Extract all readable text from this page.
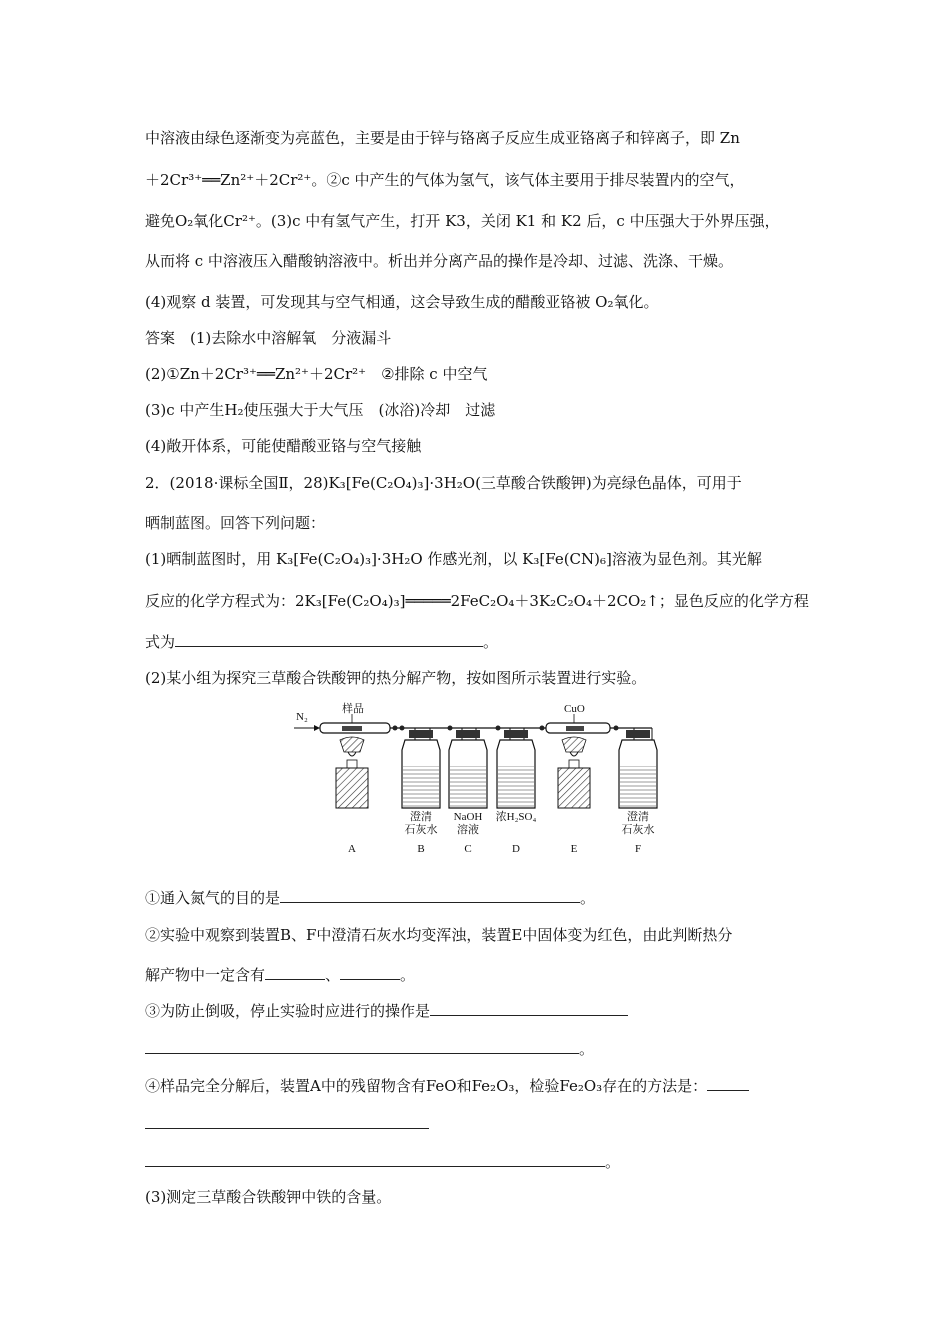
中溶液由绿色逐渐变为亮蓝色，主要是由于锌与铬离子反应生成亚铬离子和锌离子，即 Zn
＋2Cr³⁺══Zn²⁺＋2Cr²⁺。②c 中产生的气体为氢气，该气体主要用于排尽装置内的空气，
避免O₂氧化Cr²⁺。(3)c 中有氢气产生，打开 K3，关闭 K1 和 K2 后，c 中压强大于外界压强，
从而将 c 中溶液压入醋酸钠溶液中。析出并分离产品的操作是冷却、过滤、洗涤、干燥。
(4)观察 d 装置，可发现其与空气相通，这会导致生成的醋酸亚铬被 O₂氧化。
答案　(1)去除水中溶解氧　分液漏斗
(2)①Zn＋2Cr³⁺══Zn²⁺＋2Cr²⁺　②排除 c 中空气
(3)c 中产生H₂使压强大于大气压　(冰浴)冷却　过滤
(4)敞开体系，可能使醋酸亚铬与空气接触
2．(2018·课标全国Ⅱ，28)K₃[Fe(C₂O₄)₃]·3H₂O(三草酸合铁酸钾)为亮绿色晶体，可用于
晒制蓝图。回答下列问题：
(1)晒制蓝图时，用 K₃[Fe(C₂O₄)₃]·3H₂O 作感光剂，以 K₃[Fe(CN)₆]溶液为显色剂。其光解
反应的化学方程式为：2K₃[Fe(C₂O₄)₃]═════2FeC₂O₄＋3K₂C₂O₄＋2CO₂↑；显色反应的化学方程
式为	。
(2)某小组为探究三草酸合铁酸钾的热分解产物，按如图所示装置进行实验。
N₂
样品	CuO
澄清
石灰水
NaOH
溶液
浓H₂SO₄	澄清
石灰水
A	B	C	D	E	F
①通入氮气的目的是	。
②实验中观察到装置B、F中澄清石灰水均变浑浊，装置E中固体变为红色，由此判断热分
解产物中一定含有	、	。
③为防止倒吸，停止实验时应进行的操作是
。
④样品完全分解后，装置A中的残留物含有FeO和Fe₂O₃，检验Fe₂O₃存在的方法是：
。
(3)测定三草酸合铁酸钾中铁的含量。
